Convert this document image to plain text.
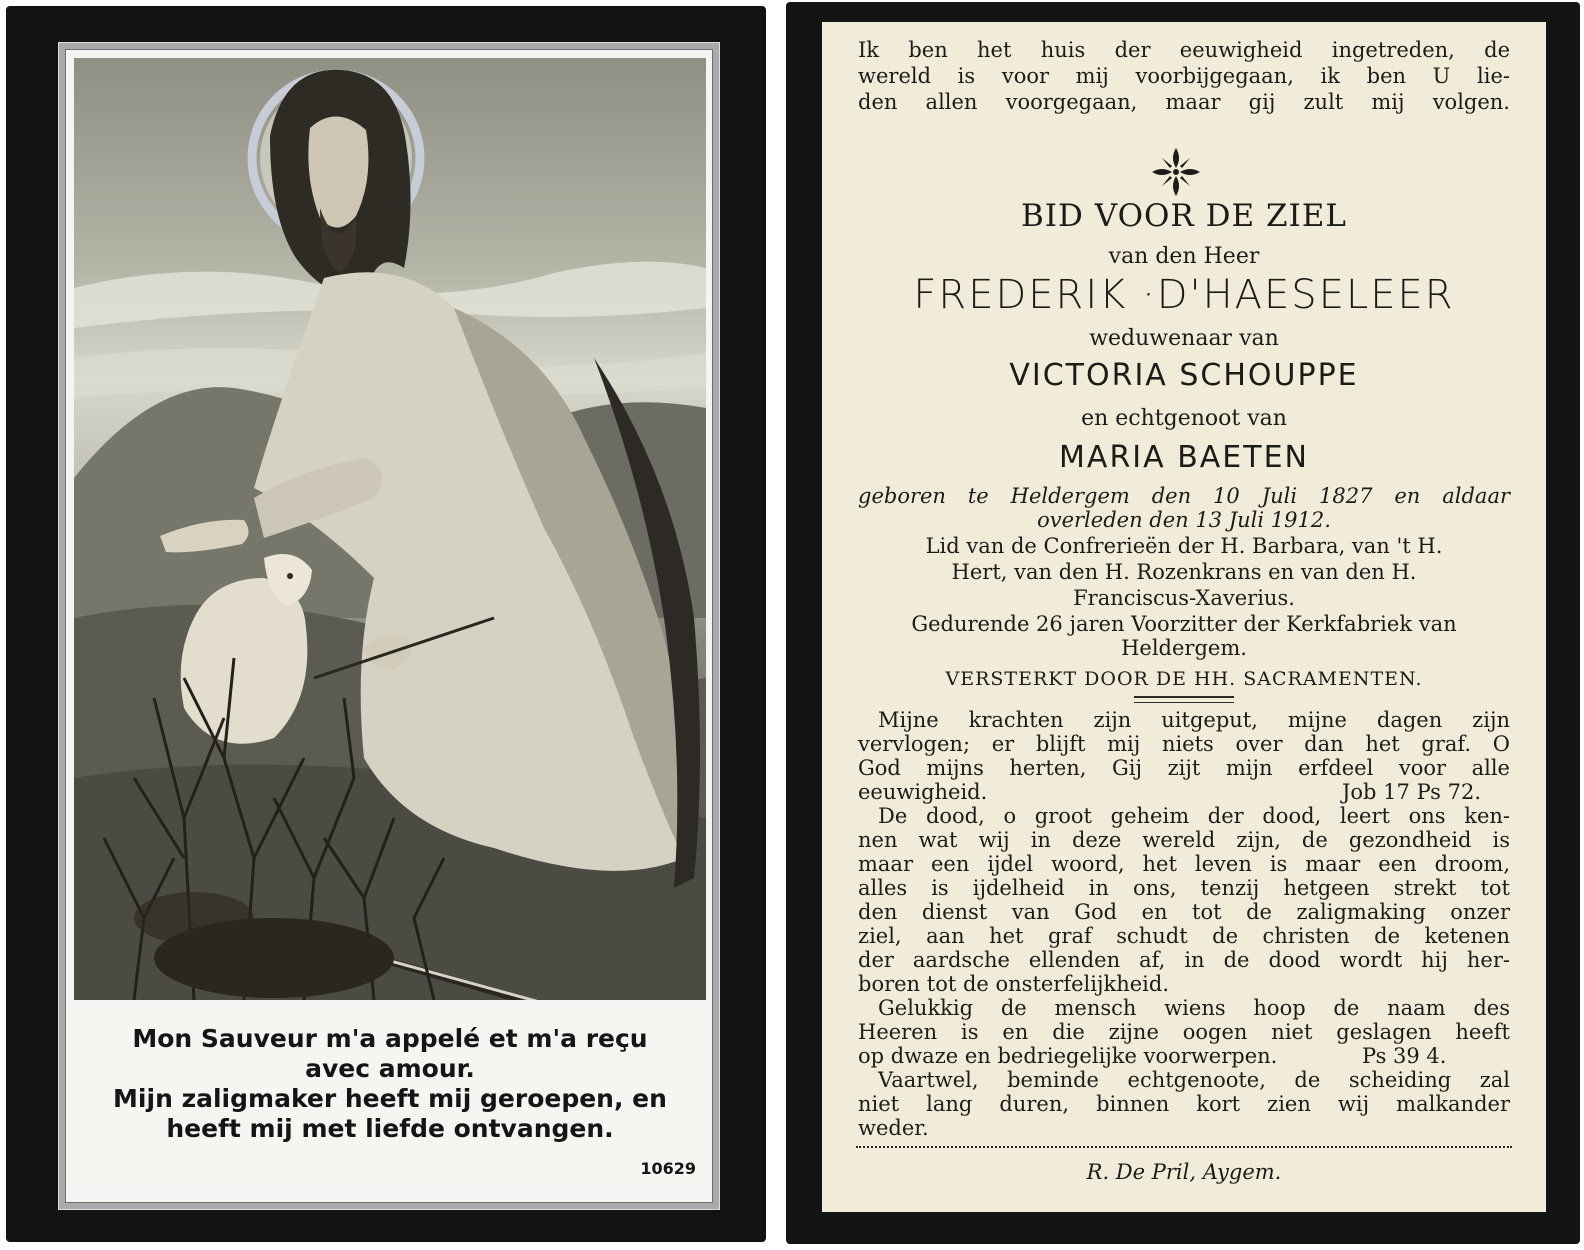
Mon Sauveur m'a appelé et m'a reçu
avec amour.
Mijn zaligmaker heeft mij geroepen, en
heeft mij met liefde ontvangen.
10629
Ik ben het huis der eeuwigheid ingetreden, de
wereld is voor mij voorbijgegaan, ik ben U lie-
den allen voorgegaan, maar gij zult mij volgen.
BID VOOR DE ZIEL
van den Heer
FREDERIK ·D'HAESELEER
weduwenaar van
VICTORIA SCHOUPPE
en echtgenoot van
MARIA BAETEN
geboren te Heldergem den 10 Juli 1827 en aldaar
overleden den 13 Juli 1912.
Lid van de Confrerieën der H. Barbara, van 't H.
Hert, van den H. Rozenkrans en van den H.
Franciscus-Xaverius.
Gedurende 26 jaren Voorzitter der Kerkfabriek van
Heldergem.
VERSTERKT DOOR DE HH. SACRAMENTEN.
Mijne krachten zijn uitgeput, mijne dagen zijn
vervlogen; er blijft mij niets over dan het graf. O
God mijns herten, Gij zijt mijn erfdeel voor alle
eeuwigheid.	Job 17 Ps 72.
De dood, o groot geheim der dood, leert ons ken-
nen wat wij in deze wereld zijn, de gezondheid is
maar een ijdel woord, het leven is maar een droom,
alles is ijdelheid in ons, tenzij hetgeen strekt tot
den dienst van God en tot de zaligmaking onzer
ziel, aan het graf schudt de christen de ketenen
der aardsche ellenden af, in de dood wordt hij her-
boren tot de onsterfelijkheid.
Gelukkig de mensch wiens hoop de naam des
Heeren is en die zijne oogen niet geslagen heeft
op dwaze en bedriegelijke voorwerpen.	Ps 39 4.
Vaartwel, beminde echtgenoote, de scheiding zal
niet lang duren, binnen kort zien wij malkander
weder.
R. De Pril, Aygem.
